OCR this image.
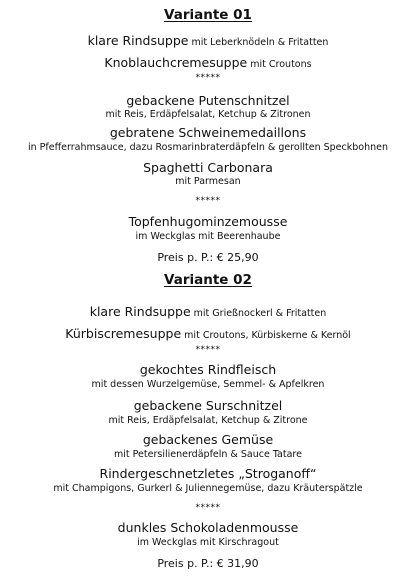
Variante 01
klare Rindsuppe mit Leberknödeln & Fritatten
Knoblauchcremesuppe mit Croutons
*****
gebackene Putenschnitzel
mit Reis, Erdäpfelsalat, Ketchup & Zitronen
gebratene Schweinemedaillons
in Pfefferrahmsauce, dazu Rosmarinbraterdäpfeln & gerollten Speckbohnen
Spaghetti Carbonara
mit Parmesan
*****
Topfenhugominzemousse
im Weckglas mit Beerenhaube
Preis p. P.: € 25,90
Variante 02
klare Rindsuppe mit Grießnockerl & Fritatten
Kürbiscremesuppe mit Croutons, Kürbiskerne & Kernöl
*****
gekochtes Rindfleisch
mit dessen Wurzelgemüse, Semmel- & Apfelkren
gebackene Surschnitzel
mit Reis, Erdäpfelsalat, Ketchup & Zitrone
gebackenes Gemüse
mit Petersilienerdäpfeln & Sauce Tatare
Rindergeschnetzletes „Stroganoff“
mit Champigons, Gurkerl & Juliennegemüse, dazu Kräuterspätzle
*****
dunkles Schokoladenmousse
im Weckglas mit Kirschragout
Preis p. P.: € 31,90
